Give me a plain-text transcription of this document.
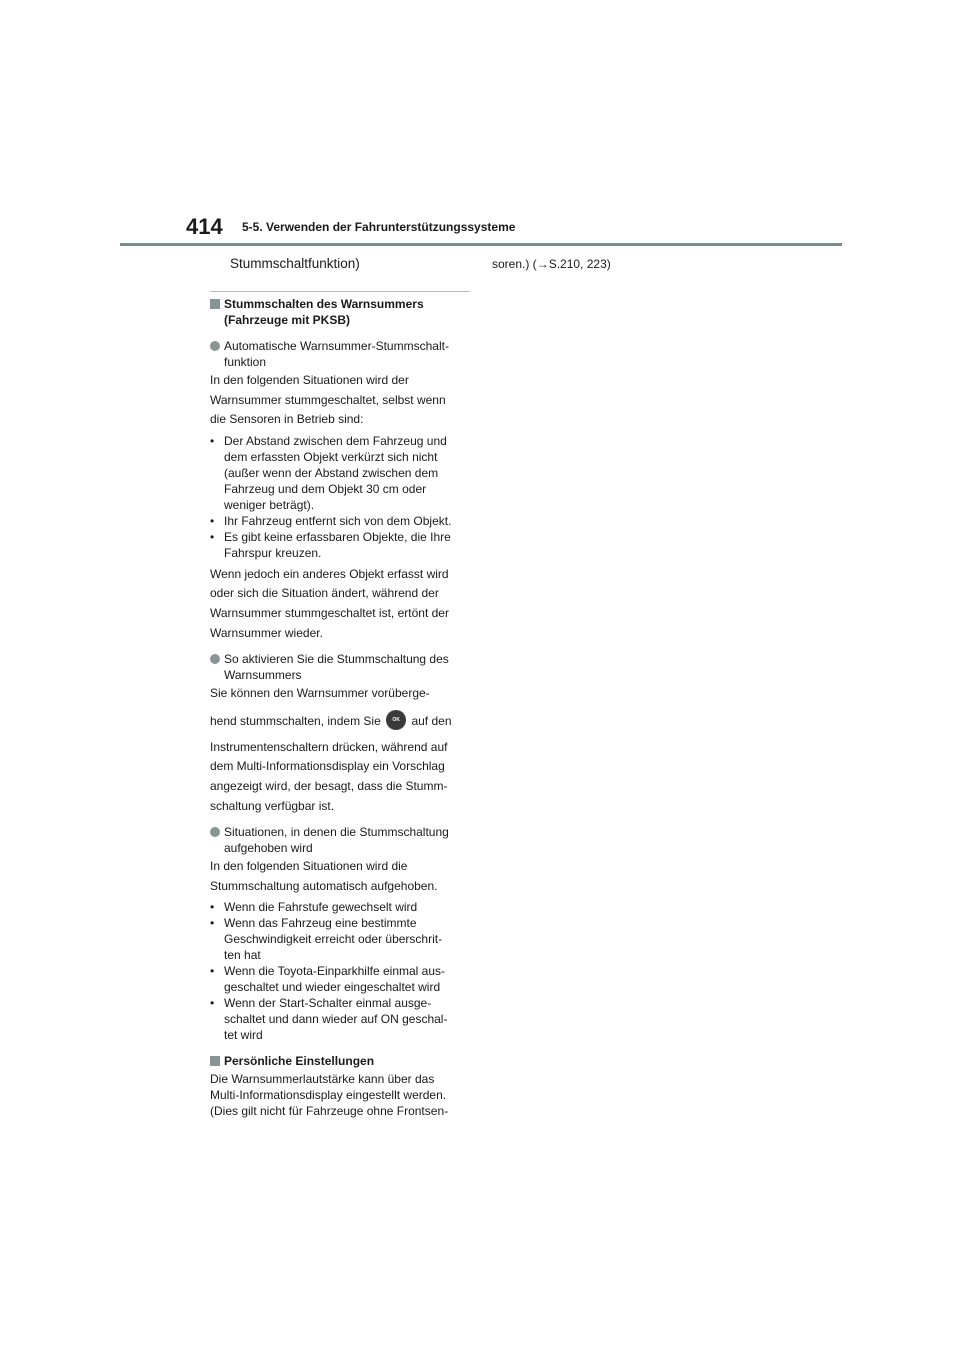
414 5-5. Verwenden der Fahrunterstützungssysteme
soren.) (→S.210, 223)

Stummschaltfunktion)

Stummschalten des Warnsummers
(Fahrzeuge mit PKSB)
Automatische Warnsummer-Stummschalt-
funktion

In den folgenden Situationen wird der

Warnsummer stummgeschaltet, selbst wenn

die Sensoren in Betrieb sind:

• Der Abstand zwischen dem Fahrzeug und
dem erfassten Objekt verkürzt sich nicht
(außer wenn der Abstand zwischen dem
Fahrzeug und dem Objekt 30 cm oder
weniger beträgt).
• Ihr Fahrzeug entfernt sich von dem Objekt.
• Es gibt keine erfassbaren Objekte, die Ihre
Fahrspur kreuzen.

Wenn jedoch ein anderes Objekt erfasst wird

oder sich die Situation ändert, während der

Warnsummer stummgeschaltet ist, ertönt der

Warnsummer wieder.

So aktivieren Sie die Stummschaltung des
Warnsummers

Sie können den Warnsummer vorüberge-

hend stummschalten, indem Sie OK auf den

Instrumentenschaltern drücken, während auf

dem Multi-Informationsdisplay ein Vorschlag

angezeigt wird, der besagt, dass die Stumm-

schaltung verfügbar ist.

Situationen, in denen die Stummschaltung
aufgehoben wird

In den folgenden Situationen wird die

Stummschaltung automatisch aufgehoben.

• Wenn die Fahrstufe gewechselt wird
• Wenn das Fahrzeug eine bestimmte
Geschwindigkeit erreicht oder überschrit-
ten hat
• Wenn die Toyota-Einparkhilfe einmal aus-
geschaltet und wieder eingeschaltet wird
• Wenn der Start-Schalter einmal ausge-
schaltet und dann wieder auf ON geschal-
tet wird
Persönliche Einstellungen

Die Warnsummerlautstärke kann über das

Multi-Informationsdisplay eingestellt werden.

(Dies gilt nicht für Fahrzeuge ohne Frontsen-
